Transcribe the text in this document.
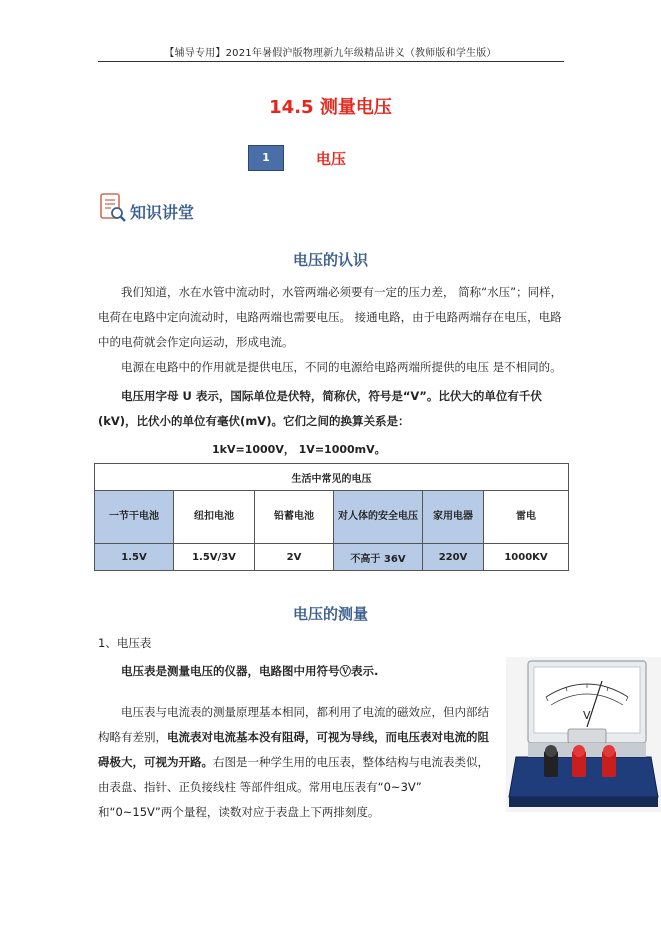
【辅导专用】2021年暑假沪版物理新九年级精品讲义（教师版和学生版）
14.5 测量电压
1	电压
知识讲堂
电压的认识
我们知道，水在水管中流动时，水管两端必须要有一定的压力差， 简称“水压”；同样，电荷在电路中定向流动时，电路两端也需要电压。 接通电路，由于电路两端存在电压，电路中的电荷就会作定向运动，形成电流。
电源在电路中的作用就是提供电压，不同的电源给电路两端所提供的电压 是不相同的。
电压用字母 U 表示，国际单位是伏特，简称伏，符号是“V”。比伏大的单位有千伏(kV)，比伏小的单位有毫伏(mV)。它们之间的换算关系是：
1kV=1000V， 1V=1000mV。
生活中常见的电压					
一节干电池	纽扣电池	铅蓄电池	对人体的安全电压	家用电器	雷电
1.5V	1.5V/3V	2V	不高于 36V	220V	1000KV
电压的测量
1、电压表
电压表是测量电压的仪器，电路图中用符号Ⓥ表示.
电压表与电流表的测量原理基本相同，都利用了电流的磁效应，但内部结构略有差别，电流表对电流基本没有阻碍，可视为导线，而电压表对电流的阻碍极大，可视为开路。右图是一种学生用的电压表，整体结构与电流表类似，由表盘、指针、正负接线柱 等部件组成。常用电压表有“0~3V” 和“0~15V”两个量程，读数对应于表盘上下两排刻度。
V
